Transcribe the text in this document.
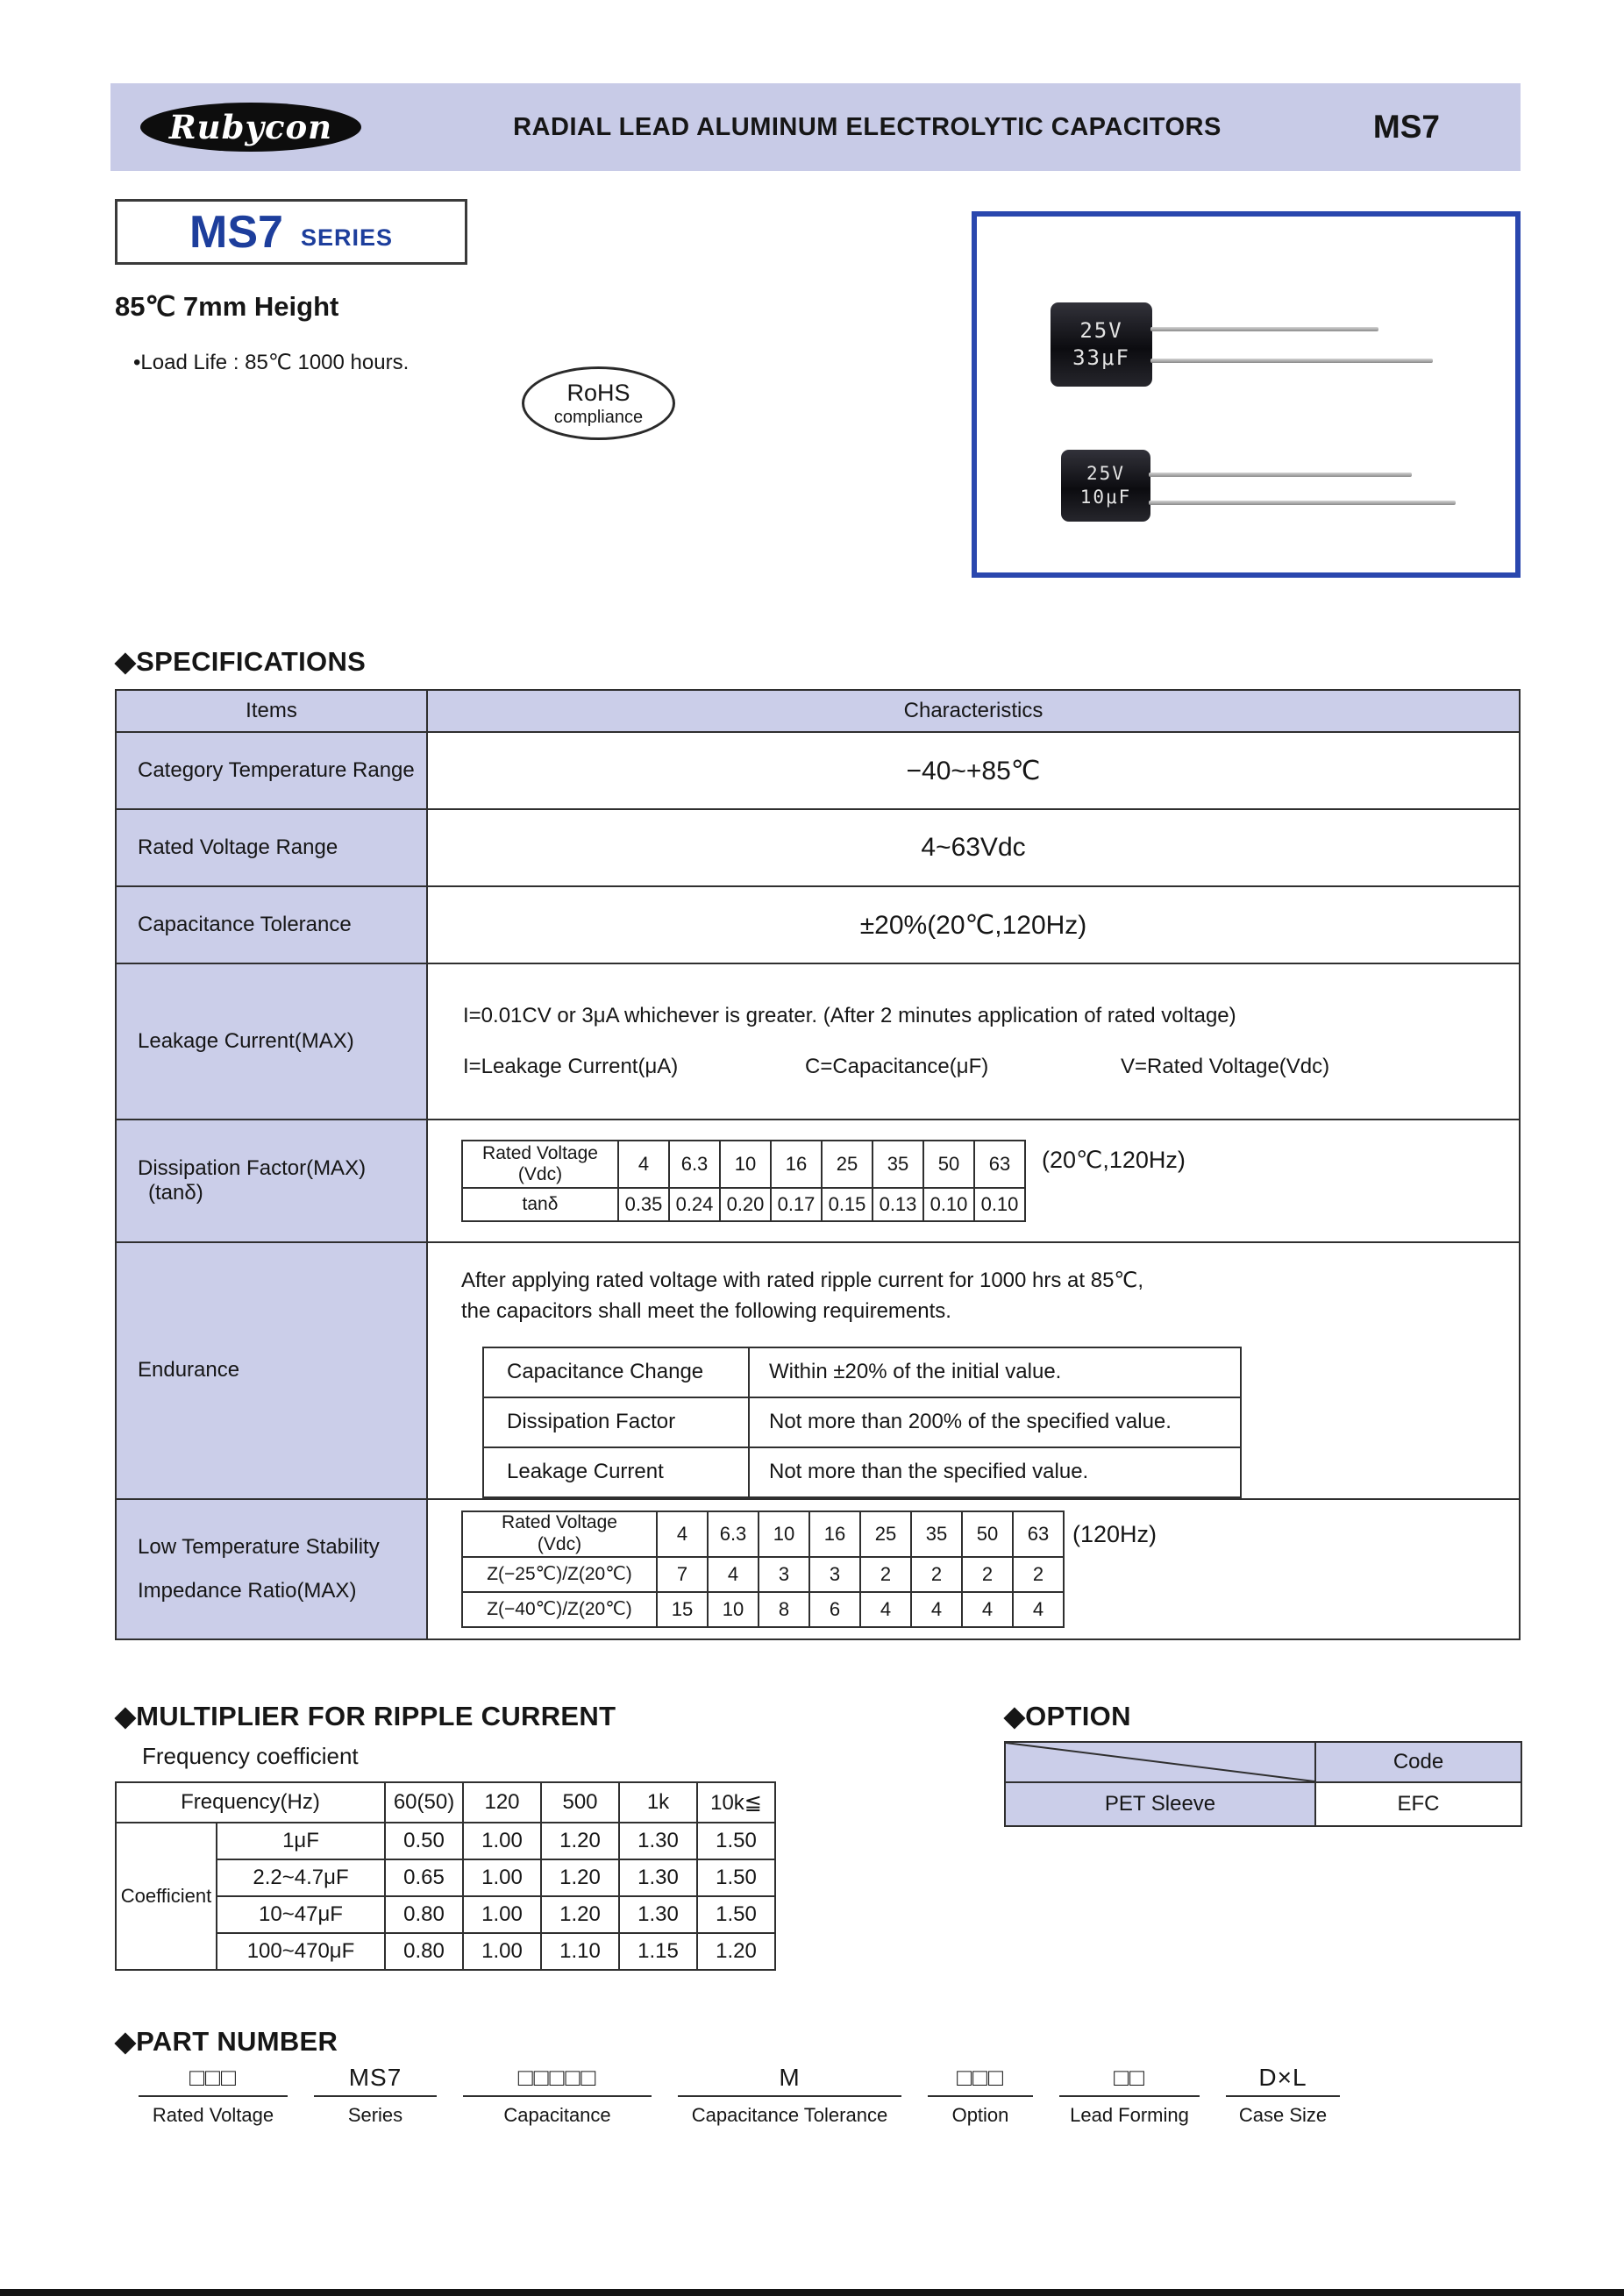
Rubycon	RADIAL LEAD ALUMINUM ELECTROLYTIC CAPACITORS	MS7
MS7 SERIES
85℃ 7mm Height
•Load Life : 85℃ 1000 hours.
RoHS
compliance
25V
33μF
25V
10μF
◆SPECIFICATIONS
Items	Characteristics
Category Temperature Range	−40~+85℃
Rated Voltage Range	4~63Vdc
Capacitance Tolerance	±20%(20℃,120Hz)
Leakage Current(MAX)	
I=0.01CV or 3μA whichever is greater. (After 2 minutes application of rated voltage)
I=Leakage Current(μA)	C=Capacitance(μF)	V=Rated Voltage(Vdc)

Dissipation Factor(MAX)
(tanδ)

(20℃,120Hz)
Rated Voltage
(Vdc)	4	6.3	10	16	25	35	50	63
tanδ	0.35	0.24	0.20	0.17	0.15	0.13	0.10	0.10

Endurance	
After applying rated voltage with rated ripple current for 1000 hrs at 85℃,
the capacitors shall meet the following requirements.
Capacitance Change	Within ±20% of the initial value.
Dissipation Factor	Not more than 200% of the specified value.
Leakage Current	Not more than the specified value.

Low Temperature Stability
Impedance Ratio(MAX)

(120Hz)
Rated Voltage
(Vdc)	4	6.3	10	16	25	35	50	63
Z(−25℃)/Z(20℃)	7	4	3	3	2	2	2	2
Z(−40℃)/Z(20℃)	15	10	8	6	4	4	4	4
◆MULTIPLIER FOR RIPPLE CURRENT
Frequency coefficient
Frequency(Hz)		60(50)	120	500	1k	10k≦
Coefficient	1μF	0.50	1.00	1.20	1.30	1.50
	2.2~4.7μF	0.65	1.00	1.20	1.30	1.50
	10~47μF	0.80	1.00	1.20	1.30	1.50
	100~470μF	0.80	1.00	1.10	1.15	1.20
◆OPTION
	Code
PET Sleeve	EFC
◆PART NUMBER
□□□
Rated Voltage
MS7
Series
□□□□□
Capacitance
M
Capacitance Tolerance
□□□
Option
□□
Lead Forming
D×L
Case Size
